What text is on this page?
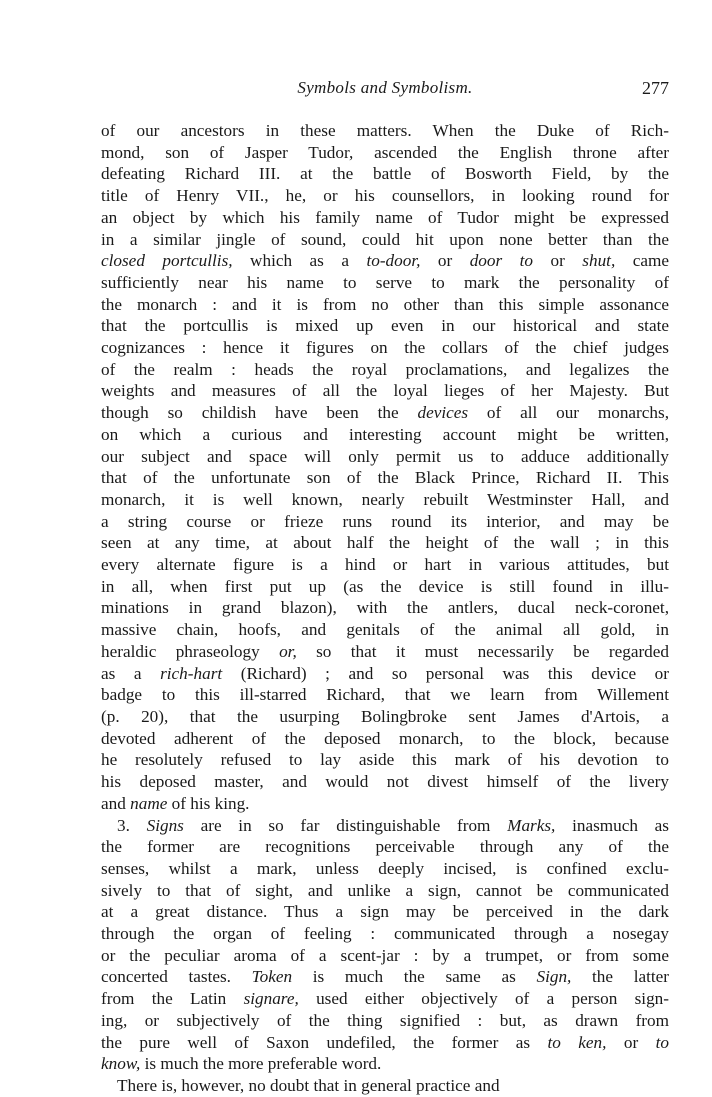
Symbols and Symbolism.	277
of our ancestors in these matters. When the Duke of Rich-
mond, son of Jasper Tudor, ascended the English throne after
defeating Richard III. at the battle of Bosworth Field, by the
title of Henry VII., he, or his counsellors, in looking round for
an object by which his family name of Tudor might be expressed
in a similar jingle of sound, could hit upon none better than the
closed portcullis, which as a to-door, or door to or shut, came
sufficiently near his name to serve to mark the personality of
the monarch : and it is from no other than this simple assonance
that the portcullis is mixed up even in our historical and state
cognizances : hence it figures on the collars of the chief judges
of the realm : heads the royal proclamations, and legalizes the
weights and measures of all the loyal lieges of her Majesty. But
though so childish have been the devices of all our monarchs,
on which a curious and interesting account might be written,
our subject and space will only permit us to adduce additionally
that of the unfortunate son of the Black Prince, Richard II. This
monarch, it is well known, nearly rebuilt Westminster Hall, and
a string course or frieze runs round its interior, and may be
seen at any time, at about half the height of the wall ; in this
every alternate figure is a hind or hart in various attitudes, but
in all, when first put up (as the device is still found in illu-
minations in grand blazon), with the antlers, ducal neck-coronet,
massive chain, hoofs, and genitals of the animal all gold, in
heraldic phraseology or, so that it must necessarily be regarded
as a rich-hart (Richard) ; and so personal was this device or
badge to this ill-starred Richard, that we learn from Willement
(p. 20), that the usurping Bolingbroke sent James d'Artois, a
devoted adherent of the deposed monarch, to the block, because
he resolutely refused to lay aside this mark of his devotion to
his deposed master, and would not divest himself of the livery
and name of his king.
3. Signs are in so far distinguishable from Marks, inasmuch as
the former are recognitions perceivable through any of the
senses, whilst a mark, unless deeply incised, is confined exclu-
sively to that of sight, and unlike a sign, cannot be communicated
at a great distance. Thus a sign may be perceived in the dark
through the organ of feeling : communicated through a nosegay
or the peculiar aroma of a scent-jar : by a trumpet, or from some
concerted tastes. Token is much the same as Sign, the latter
from the Latin signare, used either objectively of a person sign-
ing, or subjectively of the thing signified : but, as drawn from
the pure well of Saxon undefiled, the former as to ken, or to
know, is much the more preferable word.
There is, however, no doubt that in general practice and
